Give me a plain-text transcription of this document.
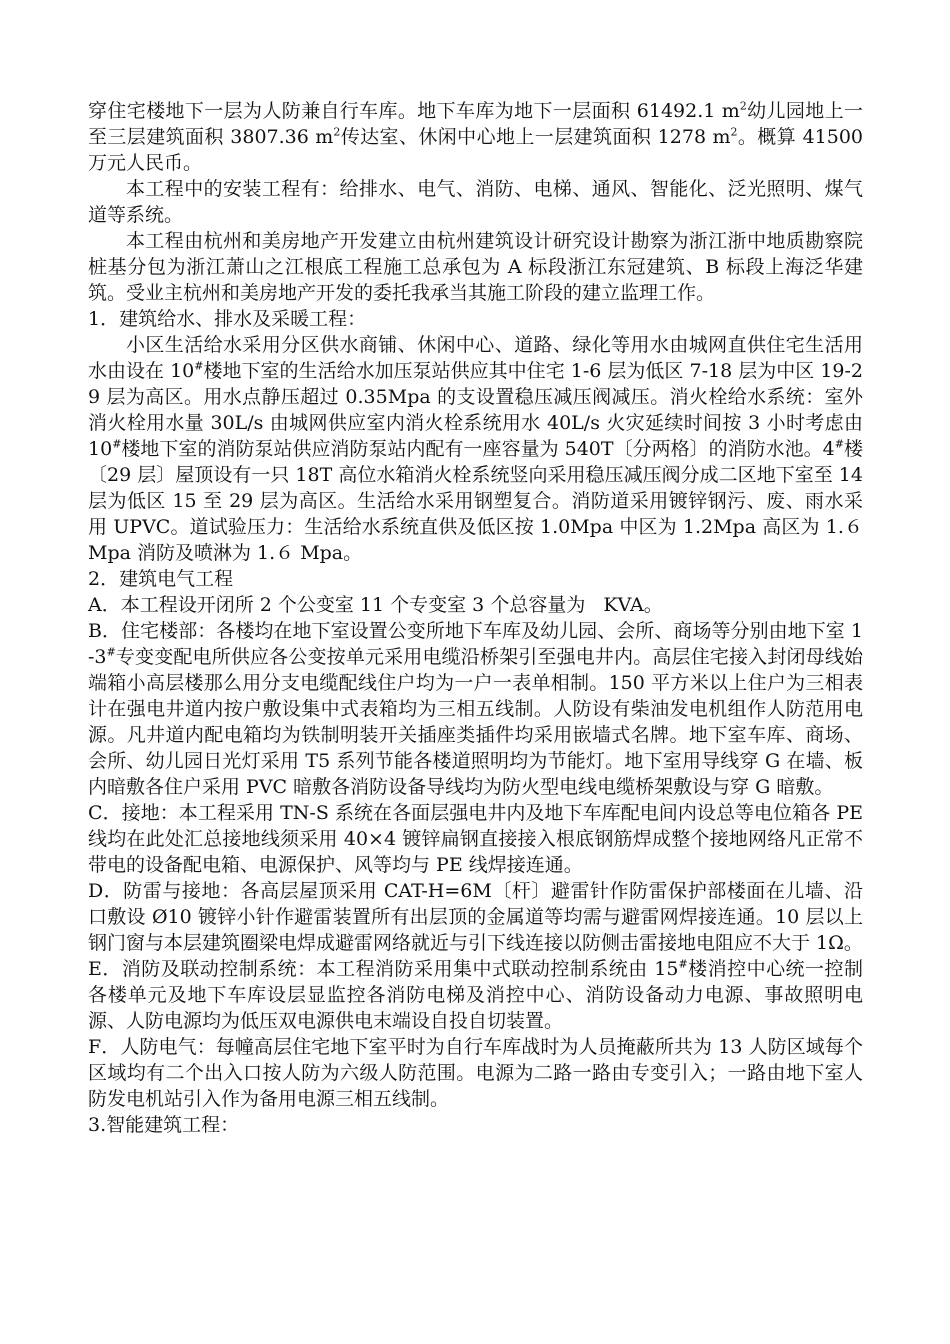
穿住宅楼地下一层为人防兼自行车库。地下车库为地下一层面积 61492.1 $m^2$幼儿园地上一至三层建筑面积 3807.36 $m^2$传达室、休闲中心地上一层建筑面积 1278 $m^2$。概算 41500 万元人民币。

本工程中的安装工程有：给排水、电气、消防、电梯、通风、智能化、泛光照明、煤气道等系统。

本工程由杭州和美房地产开发建立由杭州建筑设计研究设计勘察为浙江浙中地质勘察院桩基分包为浙江萧山之江根底工程施工总承包为 A 标段浙江东冠建筑、B 标段上海泛华建筑。受业主杭州和美房地产开发的委托我承当其施工阶段的建立监理工作。

1．建筑给水、排水及采暖工程：

小区生活给水采用分区供水商铺、休闲中心、道路、绿化等用水由城网直供住宅生活用水由设在 10#楼地下室的生活给水加压泵站供应其中住宅 1-6 层为低区 7-18 层为中区 19-29 层为高区。用水点静压超过 0.35Mpa 的支设置稳压减压阀减压。消火栓给水系统：室外消火栓用水量 30L/s 由城网供应室内消火栓系统用水 40L/s 火灾延续时间按 3 小时考虑由 10#楼地下室的消防泵站供应消防泵站内配有一座容量为 540T〔分两格〕的消防水池。4#楼〔29 层〕屋顶设有一只 18T 高位水箱消火栓系统竖向采用稳压减压阀分成二区地下室至 14 层为低区 15 至 29 层为高区。生活给水采用钢塑复合。消防道采用镀锌钢污、废、雨水采用 UPVC。道试验压力：生活给水系统直供及低区按 1.0Mpa 中区为 1.2Mpa 高区为 1.６ Mpa 消防及喷淋为 1.６ Mpa。

2．建筑电气工程

A．本工程设开闭所 2 个公变室 11 个专变室 3 个总容量为   KVA。

B．住宅楼部：各楼均在地下室设置公变所地下车库及幼儿园、会所、商场等分别由地下室 1-3#专变变配电所供应各公变按单元采用电缆沿桥架引至强电井内。高层住宅接入封闭母线始端箱小高层楼那么用分支电缆配线住户均为一户一表单相制。150 平方米以上住户为三相表计在强电井道内按户敷设集中式表箱均为三相五线制。人防设有柴油发电机组作人防范用电源。凡井道内配电箱均为铁制明装开关插座类插件均采用嵌墙式名牌。地下室车库、商场、会所、幼儿园日光灯采用 T5 系列节能各楼道照明均为节能灯。地下室用导线穿 G 在墙、板内暗敷各住户采用 PVC 暗敷各消防设备导线均为防火型电线电缆桥架敷设与穿 G 暗敷。

C．接地：本工程采用 TN-S 系统在各面层强电井内及地下车库配电间内设总等电位箱各 PE 线均在此处汇总接地线须采用 40×4 镀锌扁钢直接接入根底钢筋焊成整个接地网络凡正常不带电的设备配电箱、电源保护、风等均与 PE 线焊接连通。

D．防雷与接地：各高层屋顶采用 CAT-H=6M〔杆〕避雷针作防雷保护部楼面在儿墙、沿口敷设 Ø10 镀锌小针作避雷装置所有出层顶的金属道等均需与避雷网焊接连通。10 层以上钢门窗与本层建筑圈梁电焊成避雷网络就近与引下线连接以防侧击雷接地电阻应不大于 1Ω。

E．消防及联动控制系统：本工程消防采用集中式联动控制系统由 15#楼消控中心统一控制各楼单元及地下车库设层显监控各消防电梯及消控中心、消防设备动力电源、事故照明电源、人防电源均为低压双电源供电末端设自投自切装置。

F．人防电气：每幢高层住宅地下室平时为自行车库战时为人员掩蔽所共为 13 人防区域每个区域均有二个出入口按人防为六级人防范围。电源为二路一路由专变引入；一路由地下室人防发电机站引入作为备用电源三相五线制。

3.智能建筑工程：
